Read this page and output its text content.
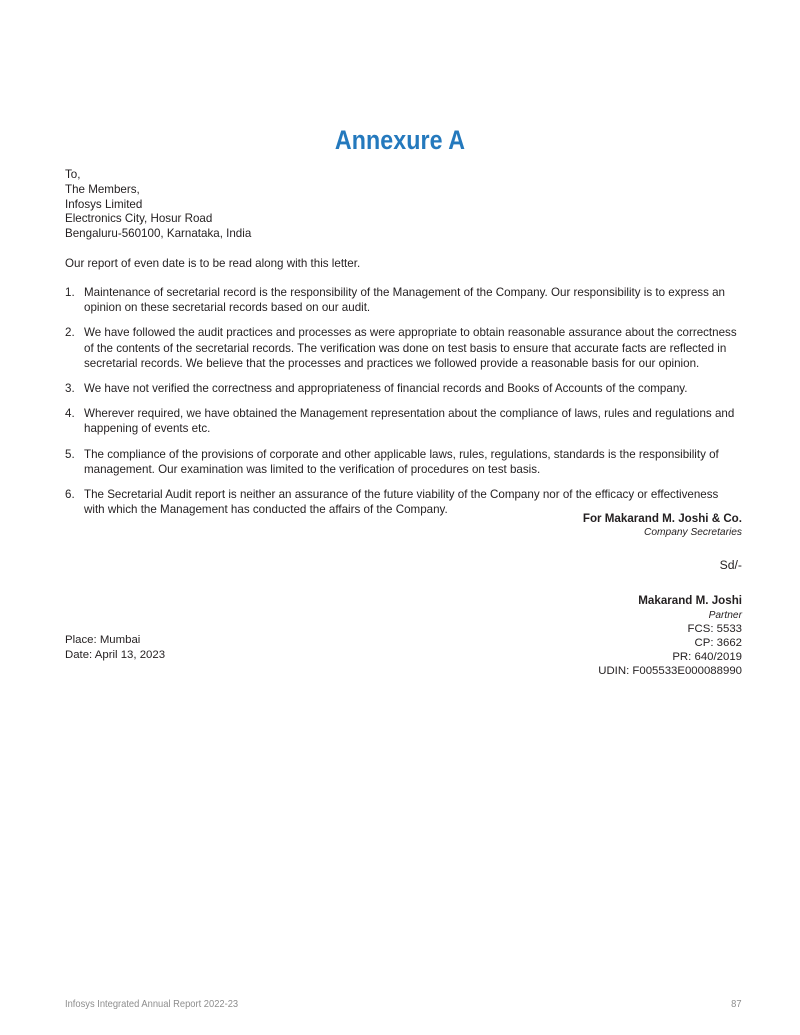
Annexure A
To,
The Members,
Infosys Limited
Electronics City, Hosur Road
Bengaluru-560100, Karnataka, India

Our report of even date is to be read along with this letter.

1. Maintenance of secretarial record is the responsibility of the Management of the Company. Our responsibility is to express an opinion on these secretarial records based on our audit.
2. We have followed the audit practices and processes as were appropriate to obtain reasonable assurance about the correctness of the contents of the secretarial records. The verification was done on test basis to ensure that accurate facts are reflected in secretarial records. We believe that the processes and practices we followed provide a reasonable basis for our opinion.
3. We have not verified the correctness and appropriateness of financial records and Books of Accounts of the company.
4. Wherever required, we have obtained the Management representation about the compliance of laws, rules and regulations and happening of events etc.
5. The compliance of the provisions of corporate and other applicable laws, rules, regulations, standards is the responsibility of management. Our examination was limited to the verification of procedures on test basis.
6. The Secretarial Audit report is neither an assurance of the future viability of the Company nor of the efficacy or effectiveness with which the Management has conducted the affairs of the Company.
For Makarand M. Joshi & Co.
Company Secretaries
Sd/-
Makarand M. Joshi
Partner
FCS: 5533
CP: 3662
PR: 640/2019
UDIN: F005533E000088990
Place: Mumbai
Date: April 13, 2023
Infosys Integrated Annual Report 2022-23	87
